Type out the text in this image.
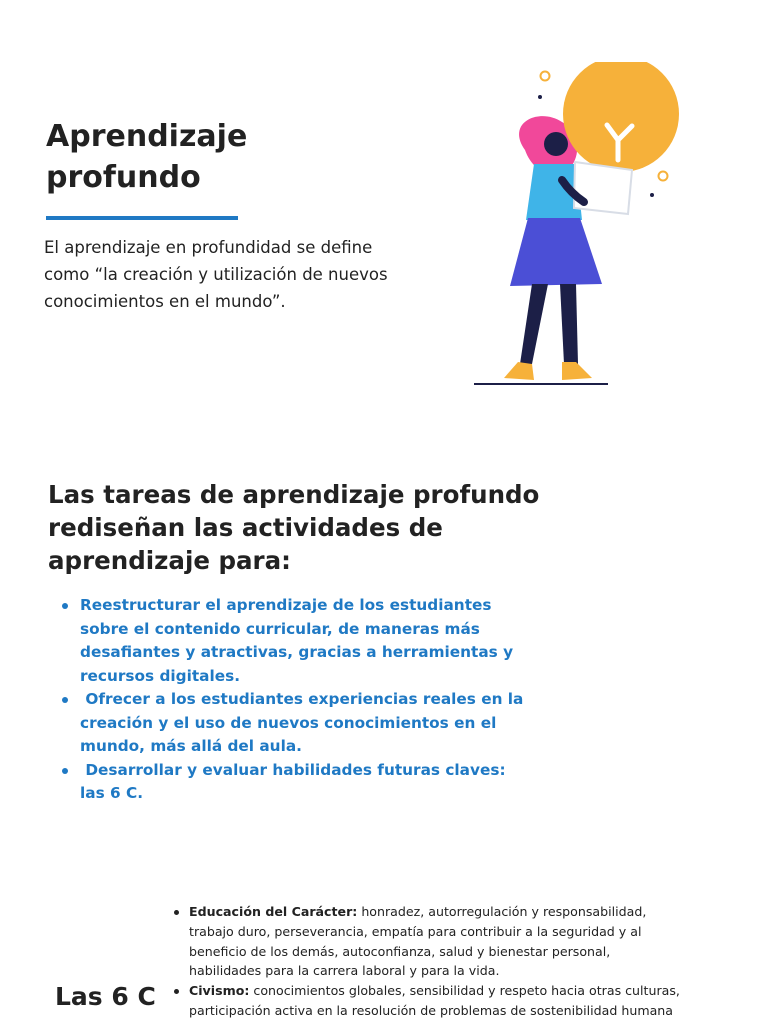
Aprendizaje
profundo
El aprendizaje en profundidad se define
como “la creación y utilización de nuevos
conocimientos en el mundo”.
Las tareas de aprendizaje profundo
rediseñan las actividades de
aprendizaje para:
Reestructurar el aprendizaje de los estudiantes
sobre el contenido curricular, de maneras más
desafiantes y atractivas, gracias a herramientas y
recursos digitales.
Ofrecer a los estudiantes experiencias reales en la
creación y el uso de nuevos conocimientos en el
mundo, más allá del aula.
Desarrollar y evaluar habilidades futuras claves:
las 6 C.
Las 6 C
Educación del Carácter: honradez, autorregulación y responsabilidad,
trabajo duro, perseverancia, empatía para contribuir a la seguridad y al
beneficio de los demás, autoconfianza, salud y bienestar personal,
habilidades para la carrera laboral y para la vida.
Civismo: conocimientos globales, sensibilidad y respeto hacia otras culturas,
participación activa en la resolución de problemas de sostenibilidad humana
